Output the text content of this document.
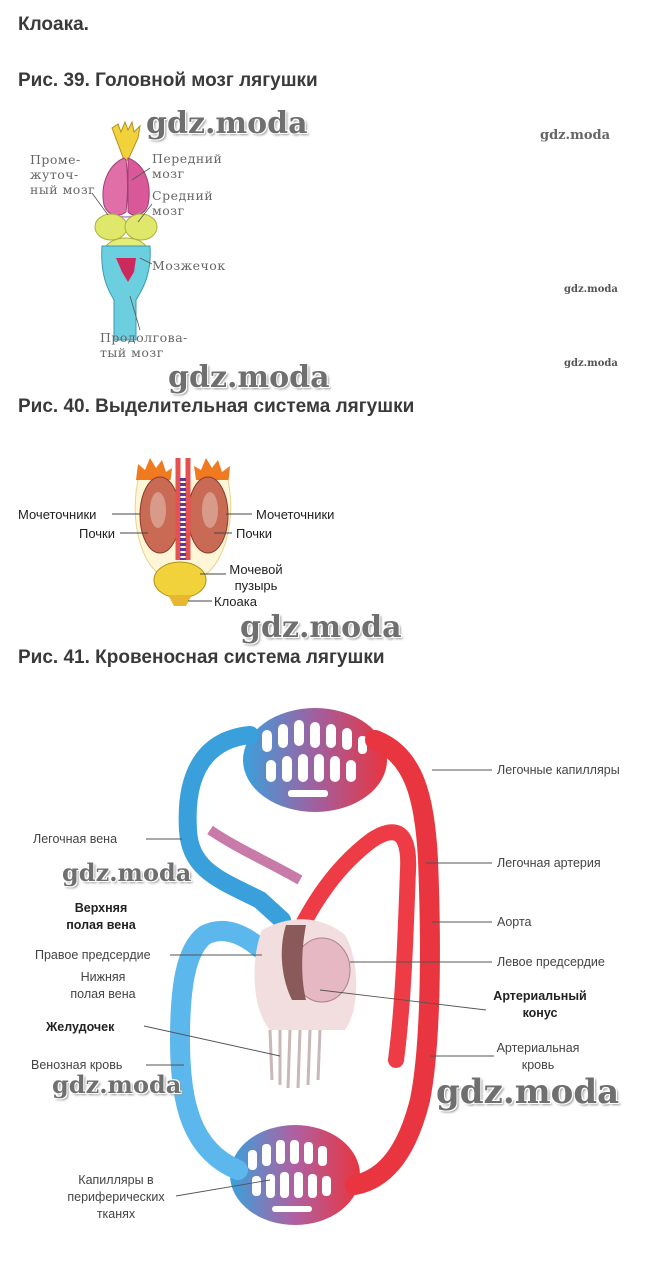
Клоака.
Рис. 39. Головной мозг лягушки
Рис. 40. Выделительная система лягушки
Рис. 41. Кровеносная система лягушки
Проме-
жуточ-
ный мозг
Передний
мозг
Средний
мозг
Мозжечок
Продолгова-
тый мозг
gdz.moda	gdz.moda
gdz.moda
gdz.moda
gdz.moda
Мочеточники	Мочеточники
Почки	Почки
Мочевой
пузырь
Клоака
gdz.moda
Легочная вена
Верхняя
полая вена
Правое предсердие
Нижняя
полая вена
Желудочек
Венозная кровь
Капилляры в
периферических
тканях
Легочные капилляры
Легочная артерия
Аорта
Левое предсердие
Артериальный
конус
Артериальная
кровь
gdz.moda
gdz.moda	gdz.moda
